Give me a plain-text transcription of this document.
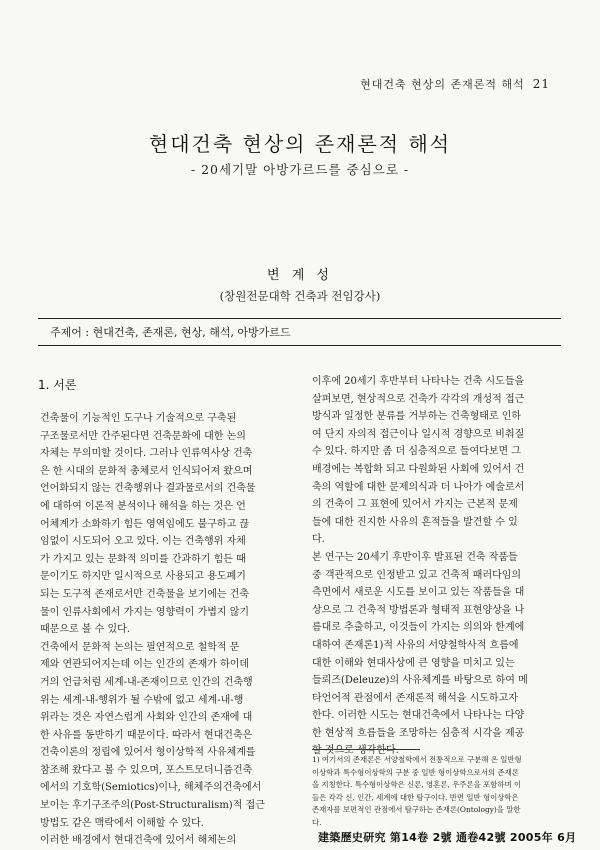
현대건축 현상의 존재론적 해석 21
현대건축 현상의 존재론적 해석
- 20세기말 아방가르드를 중심으로 -
변 계 성
(창원전문대학 건축과 전임강사)
주제어 : 현대건축, 존재론, 현상, 해석, 아방가르드
1. 서론

건축물이 기능적인 도구나 기술적으로 구축된

구조물로서만 간주된다면 건축문화에 대한 논의

자체는 무의미할 것이다. 그러나 인류역사상 건축

은 한 시대의 문화적 총체로서 인식되어져 왔으며

언어화되지 않는 건축행위나 결과물로서의 건축물

에 대하여 이론적 분석이나 해석을 하는 것은 언

어체계가 소화하기 힘든 영역임에도 불구하고 끊

임없이 시도되어 오고 있다. 이는 건축행위 자체

가 가지고 있는 문화적 의미를 간과하기 힘든 때

문이기도 하지만 일시적으로 사용되고 용도폐기

되는 도구적 존재로서만 건축물을 보기에는 건축

물이 인류사회에서 가지는 영향력이 가볍지 않기

때문으로 볼 수 있다.

건축에서 문화적 논의는 필연적으로 철학적 문

제와 연관되어지는데 이는 인간의 존재가 하이데

거의 언급처럼 세계-내-존재이므로 인간의 건축행

위는 세계-내-행위가 될 수밖에 없고 세계-내-행

위라는 것은 자연스럽게 사회와 인간의 존재에 대

한 사유를 동반하기 때문이다. 따라서 현대건축은

건축이론의 정립에 있어서 형이상학적 사유체계를

참조해 왔다고 볼 수 있으며, 포스트모더니즘건축

에서의 기호학(Semiotics)이나, 해체주의건축에서

보이는 후기구조주의(Post-Structuralism)적 접근

방법도 같은 맥락에서 이해할 수 있다.

이러한 배경에서 현대건축에 있어서 해체논의

이후에 20세기 후반부터 나타나는 건축 시도들을

살펴보면, 현상적으로 건축가 각각의 개성적 접근

방식과 일정한 분류를 거부하는 건축형태로 인하

여 단지 자의적 접근이나 일시적 경향으로 비춰질

수 있다. 하지만 좀 더 심층적으로 들여다보면 그

배경에는 복합화 되고 다원화된 사회에 있어서 건

축의 역할에 대한 문제의식과 더 나아가 예술로서

의 건축이 그 표현에 있어서 가지는 근본적 문제

들에 대한 진지한 사유의 흔적들을 발견할 수 있

다.

본 연구는 20세기 후반이후 발표된 건축 작품들

중 객관적으로 인정받고 있고 건축적 패러다임의

측면에서 새로운 시도를 보이고 있는 작품들을 대

상으로 그 건축적 방법론과 형태적 표현양상을 나

름대로 추출하고, 이것들이 가지는 의의와 한계에

대하여 존재론1)적 사유의 서양철학사적 흐름에

대한 이해와 현대사상에 큰 영향을 미치고 있는

들뢰즈(Deleuze)의 사유체계를 바탕으로 하여 메

타언어적 관점에서 존재론적 해석을 시도하고자

한다. 이러한 시도는 현대건축에서 나타나는 다양

한 현상적 흐름들을 조망하는 심층적 시각을 제공

할 것으로 생각한다.

1) 여기서의 존재론은 서양철학에서 전통적으로 구분해 온 일반형

이상학과 특수형이상학의 구분 중 일반 형이상학으로서의 존재론

을 지칭한다. 특수형이상학은 신론, 영혼론, 우주론을 포함하며 이

들은 각각 신, 인간, 세계에 대한 탐구이다. 반면 일반 형이상학은

존재자를 보편적인 관점에서 탐구하는 존재론(Ontology)을 말한

다.

建築歷史研究 第14卷 2號 通卷42號 2005年 6月
